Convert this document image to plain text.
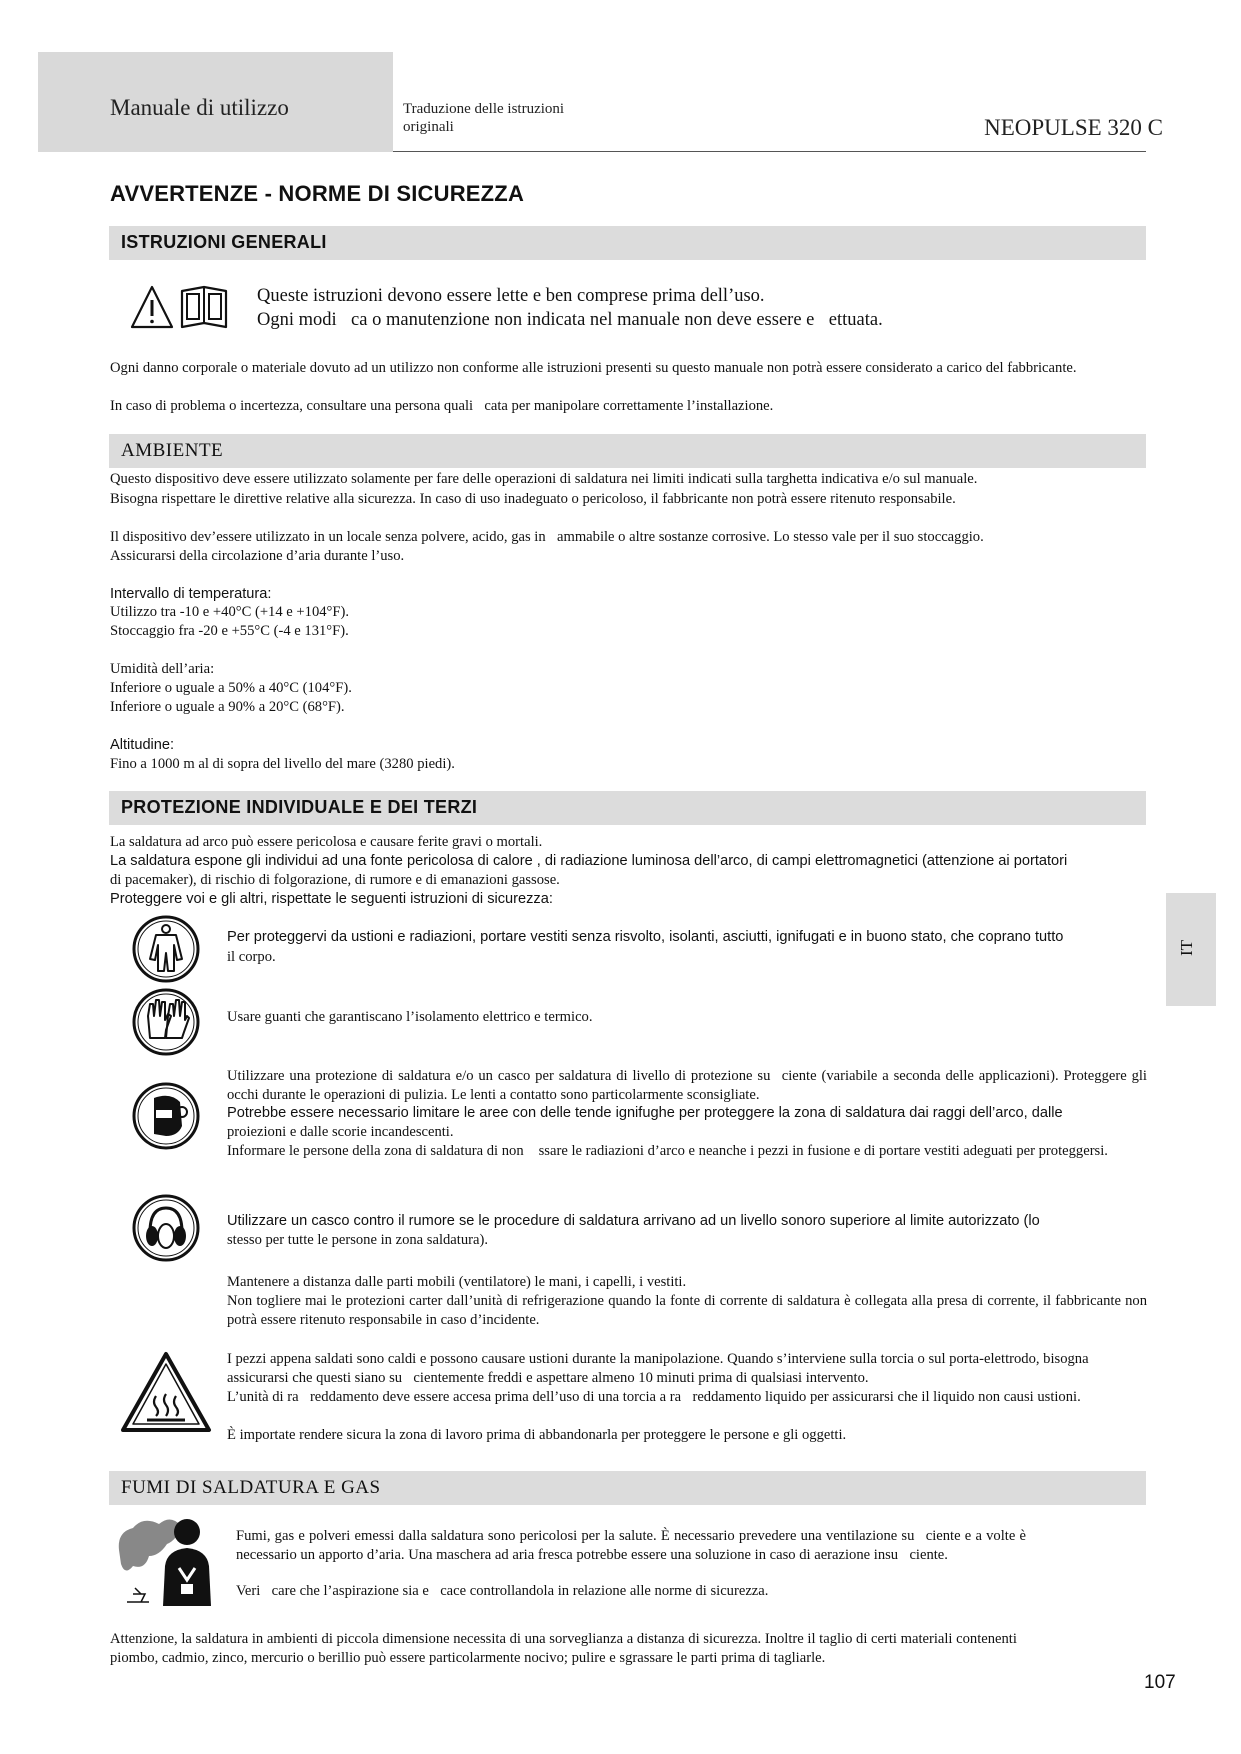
Manuale di utilizzo	Traduzione delle istruzioni
originali	NEOPULSE 320 C
AVVERTENZE - NORME DI SICUREZZA
ISTRUZIONI GENERALI
Queste istruzioni devono essere lette e ben comprese prima dell’uso.
Ogni modi ca o manutenzione non indicata nel manuale non deve essere e ettuata.
Ogni danno corporale o materiale dovuto ad un utilizzo non conforme alle istruzioni presenti su questo manuale non potrà essere considerato a carico del fabbricante.
In caso di problema o incertezza, consultare una persona quali cata per manipolare correttamente l’installazione.
AMBIENTE
Questo dispositivo deve essere utilizzato solamente per fare delle operazioni di saldatura nei limiti indicati sulla targhetta indicativa e/o sul manuale.
Bisogna rispettare le direttive relative alla sicurezza. In caso di uso inadeguato o pericoloso, il fabbricante non potrà essere ritenuto responsabile.
Il dispositivo dev’essere utilizzato in un locale senza polvere, acido, gas in ammabile o altre sostanze corrosive. Lo stesso vale per il suo stoccaggio.
Assicurarsi della circolazione d’aria durante l’uso.
Intervallo di temperatura:
Utilizzo tra -10 e +40°C (+14 e +104°F).
Stoccaggio fra -20 e +55°C (-4 e 131°F).
Umidità dell’aria:
Inferiore o uguale a 50% a 40°C (104°F).
Inferiore o uguale a 90% a 20°C (68°F).
Altitudine:
Fino a 1000 m al di sopra del livello del mare (3280 piedi).
PROTEZIONE INDIVIDUALE E DEI TERZI
La saldatura ad arco può essere pericolosa e causare ferite gravi o mortali.
La saldatura espone gli individui ad una fonte pericolosa di calore , di radiazione luminosa dell’arco, di campi elettromagnetici (attenzione ai portatori
di pacemaker), di rischio di folgorazione, di rumore e di emanazioni gassose.
Proteggere voi e gli altri, rispettate le seguenti istruzioni di sicurezza:
Per proteggervi da ustioni e radiazioni, portare vestiti senza risvolto, isolanti, asciutti, ignifugati e in buono stato, che coprano tutto
il corpo.
Usare guanti che garantiscano l’isolamento elettrico e termico.
Utilizzare una protezione di saldatura e/o un casco per saldatura di livello di protezione su ciente (variabile a seconda delle applicazioni). Proteggere gli occhi durante le operazioni di pulizia. Le lenti a contatto sono particolarmente sconsigliate.
Potrebbe essere necessario limitare le aree con delle tende ignifughe per proteggere la zona di saldatura dai raggi dell’arco, dalle
proiezioni e dalle scorie incandescenti.
Informare le persone della zona di saldatura di non  ssare le radiazioni d’arco e neanche i pezzi in fusione e di portare vestiti adeguati per proteggersi.
Utilizzare un casco contro il rumore se le procedure di saldatura arrivano ad un livello sonoro superiore al limite autorizzato (lo
stesso per tutte le persone in zona saldatura).
Mantenere a distanza dalle parti mobili (ventilatore) le mani, i capelli, i vestiti.
Non togliere mai le protezioni carter dall’unità di refrigerazione quando la fonte di corrente di saldatura è collegata alla presa di corrente, il fabbricante non potrà essere ritenuto responsabile in caso d’incidente.
I pezzi appena saldati sono caldi e possono causare ustioni durante la manipolazione. Quando s’interviene sulla torcia o sul porta-elettrodo, bisogna assicurarsi che questi siano su cientemente freddi e aspettare almeno 10 minuti prima di qualsiasi intervento.
L’unità di ra reddamento deve essere accesa prima dell’uso di una torcia a ra reddamento liquido per assicurarsi che il liquido non causi ustioni.
È importate rendere sicura la zona di lavoro prima di abbandonarla per proteggere le persone e gli oggetti.
FUMI DI SALDATURA E GAS
Fumi, gas e polveri emessi dalla saldatura sono pericolosi per la salute. È necessario prevedere una ventilazione su ciente e a volte è necessario un apporto d’aria. Una maschera ad aria fresca potrebbe essere una soluzione in caso di aerazione insu ciente.
Veri care che l’aspirazione sia e cace controllandola in relazione alle norme di sicurezza.
Attenzione, la saldatura in ambienti di piccola dimensione necessita di una sorveglianza a distanza di sicurezza. Inoltre il taglio di certi materiali contenenti piombo, cadmio, zinco, mercurio o berillio può essere particolarmente nocivo; pulire e sgrassare le parti prima di tagliarle.
IT
107
